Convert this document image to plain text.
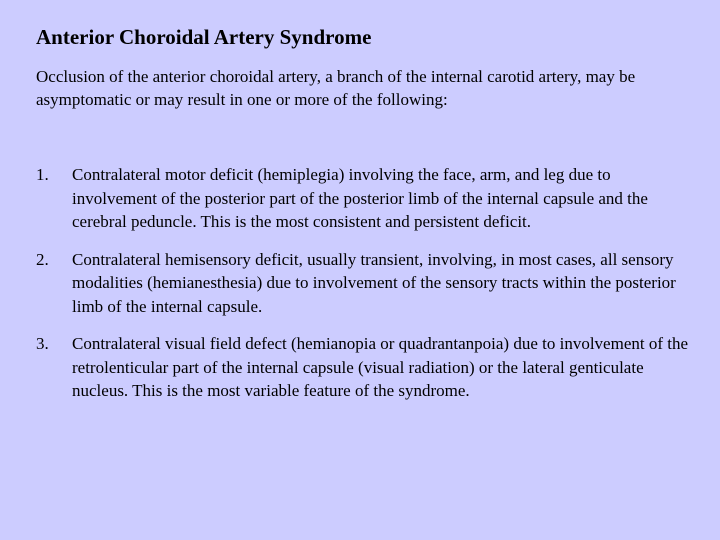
Anterior Choroidal Artery Syndrome
Occlusion of the anterior choroidal artery, a branch of the internal carotid artery, may be asymptomatic or may result in one or more of the following:
1. Contralateral motor deficit (hemiplegia) involving the face, arm, and leg due to involvement of the posterior part of the posterior limb of the internal capsule and the cerebral peduncle. This is the most consistent and persistent deficit.
2. Contralateral hemisensory deficit, usually transient, involving, in most cases, all sensory modalities (hemianesthesia) due to involvement of the sensory tracts within the posterior limb of the internal capsule.
3. Contralateral visual field defect (hemianopia or quadrantanpoia) due to involvement of the retrolenticular part of the internal capsule (visual radiation) or the lateral genticulate nucleus. This is the most variable feature of the syndrome.
